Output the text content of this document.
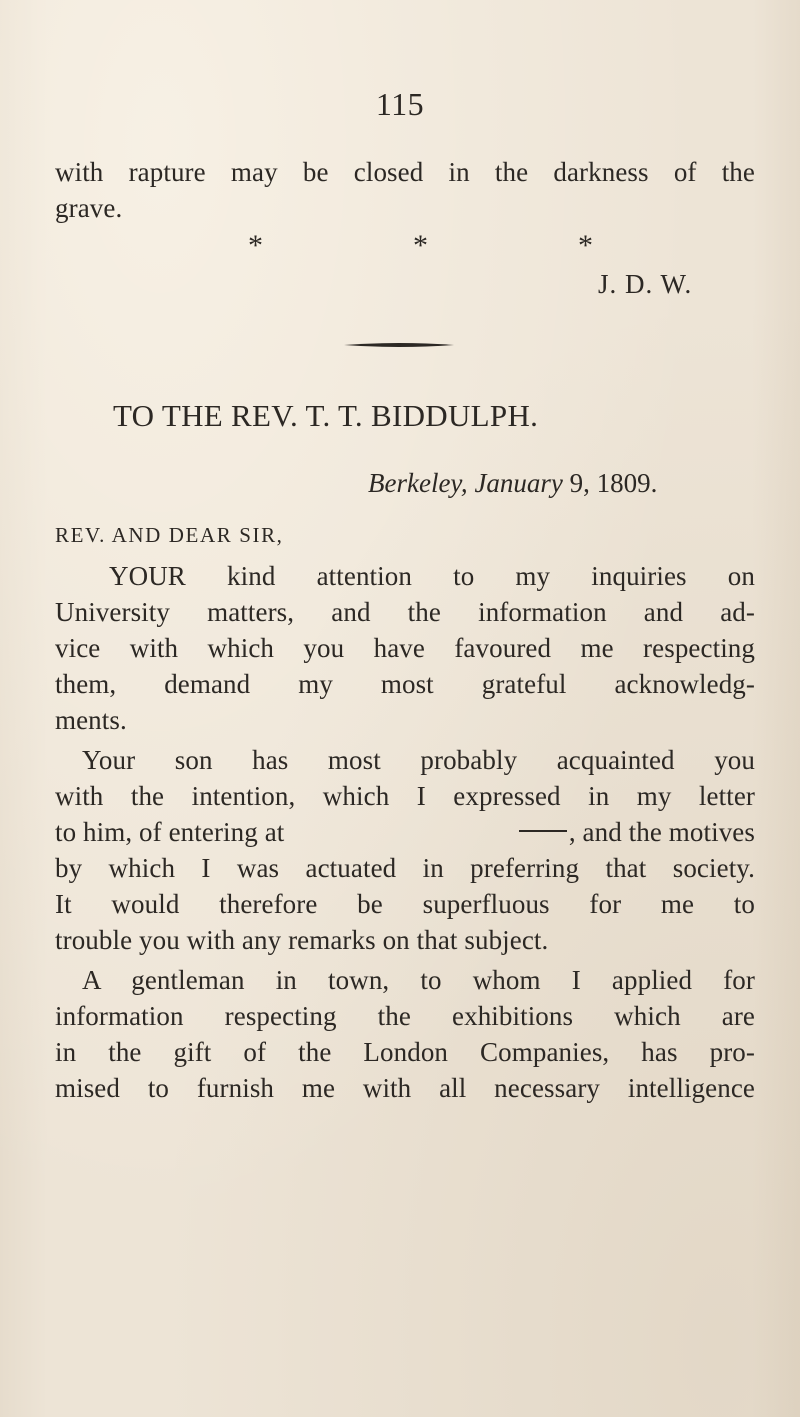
115
with rapture may be closed in the darkness of the
grave.
*	*	*
J. D. W.
TO THE REV. T. T. BIDDULPH.
Berkeley, January 9, 1809.
REV. AND DEAR SIR,
YOUR kind attention to my inquiries on
University matters, and the information and ad-
vice with which you have favoured me respecting
them, demand my most grateful acknowledg-
ments.
Your son has most probably acquainted you
with the intention, which I expressed in my letter
to him, of entering at	, and the motives
by which I was actuated in preferring that society.
It would therefore be superfluous for me to
trouble you with any remarks on that subject.
A gentleman in town, to whom I applied for
information respecting the exhibitions which are
in the gift of the London Companies, has pro-
mised to furnish me with all necessary intelligence
